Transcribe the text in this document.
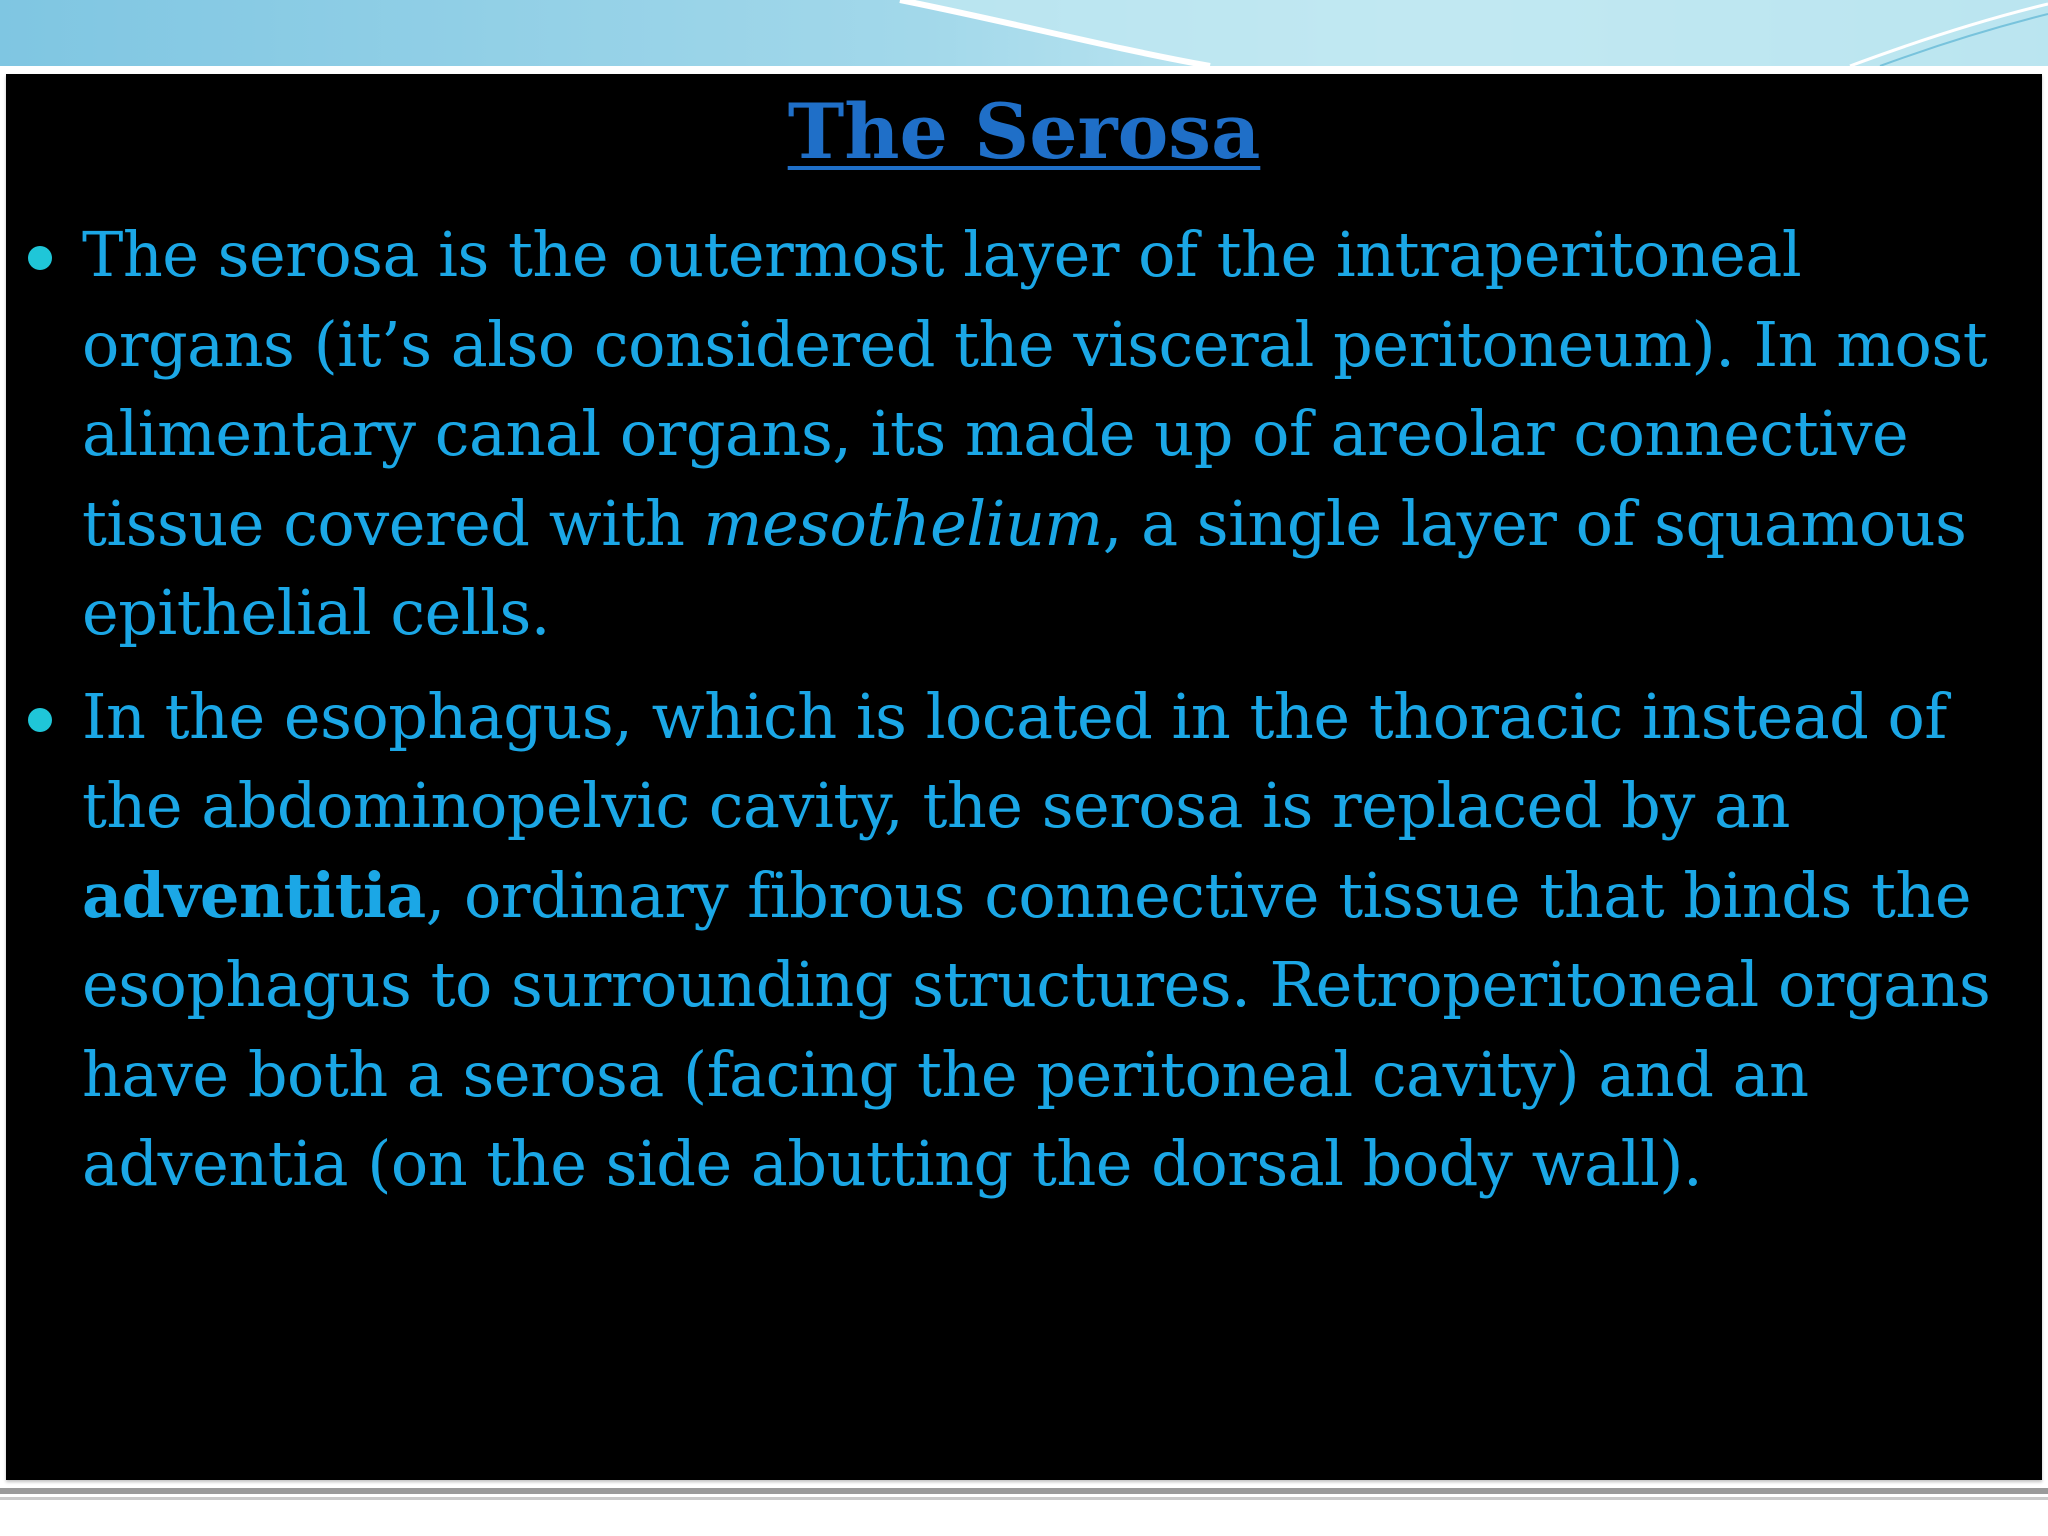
The Serosa
The serosa is the outermost layer of the intraperitoneal organs (it’s also considered the visceral peritoneum). In most alimentary canal organs, its made up of areolar connective tissue covered with mesothelium, a single layer of squamous epithelial cells.
In the esophagus, which is located in the thoracic instead of the abdominopelvic cavity, the serosa is replaced by an adventitia, ordinary fibrous connective tissue that binds the esophagus to surrounding structures. Retroperitoneal organs have both a serosa (facing the peritoneal cavity) and an adventia (on the side abutting the dorsal body wall).
